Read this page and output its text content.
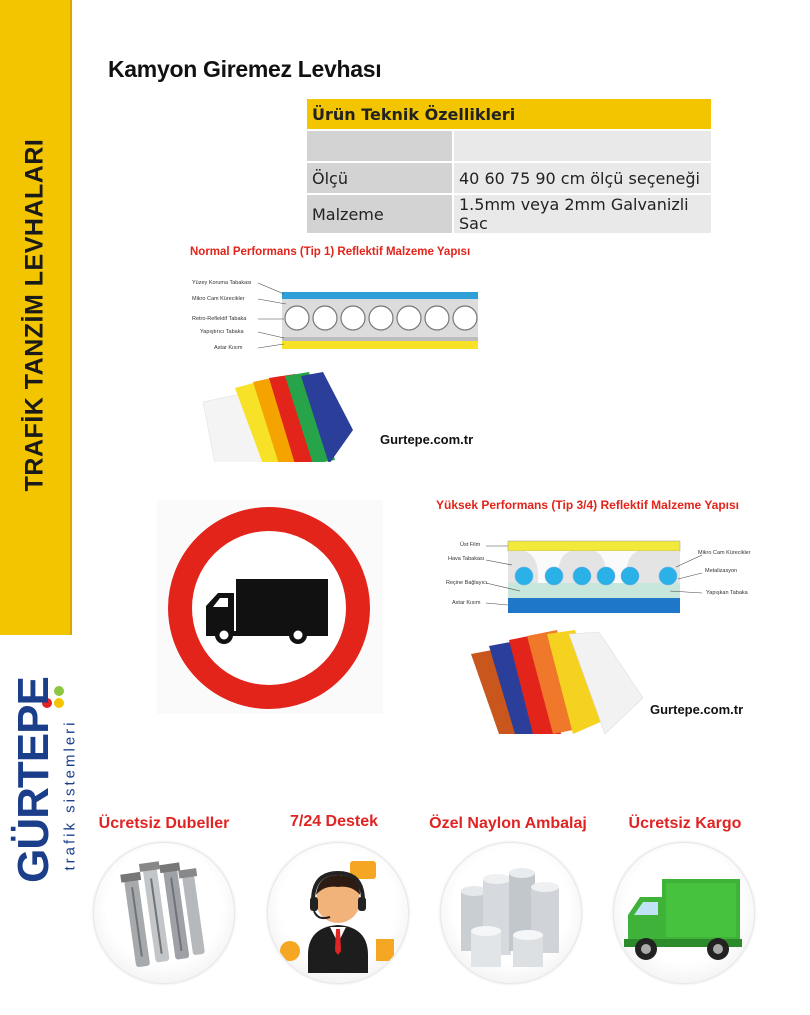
TRAFİK TANZİM LEVHALARI
GÜRTEPE trafik sistemleri
Kamyon Giremez Levhası
Ürün Teknik Özellikleri	

Ölçü	40 60 75 90 cm ölçü seçeneği
Malzeme	1.5mm veya 2mm Galvanizli Sac
Normal Performans (Tip 1) Reflektif Malzeme Yapısı
Yüzey Koruma Tabakası
Mikro Cam Kürecikler
Retro-Reflektif Tabaka
Yapıştırıcı Tabaka
Astar Kısım
Gurtepe.com.tr
Yüksek Performans (Tip 3/4) Reflektif Malzeme Yapısı
Üst Film
Hava Tabakası
Reçine Bağlayıcı
Astar Kısım
Mikro Cam Kürecikler
Metalizasyon
Yapışkan Tabaka
Gurtepe.com.tr
Ücretsiz Dubeller	7/24 Destek	Özel Naylon Ambalaj	Ücretsiz Kargo
